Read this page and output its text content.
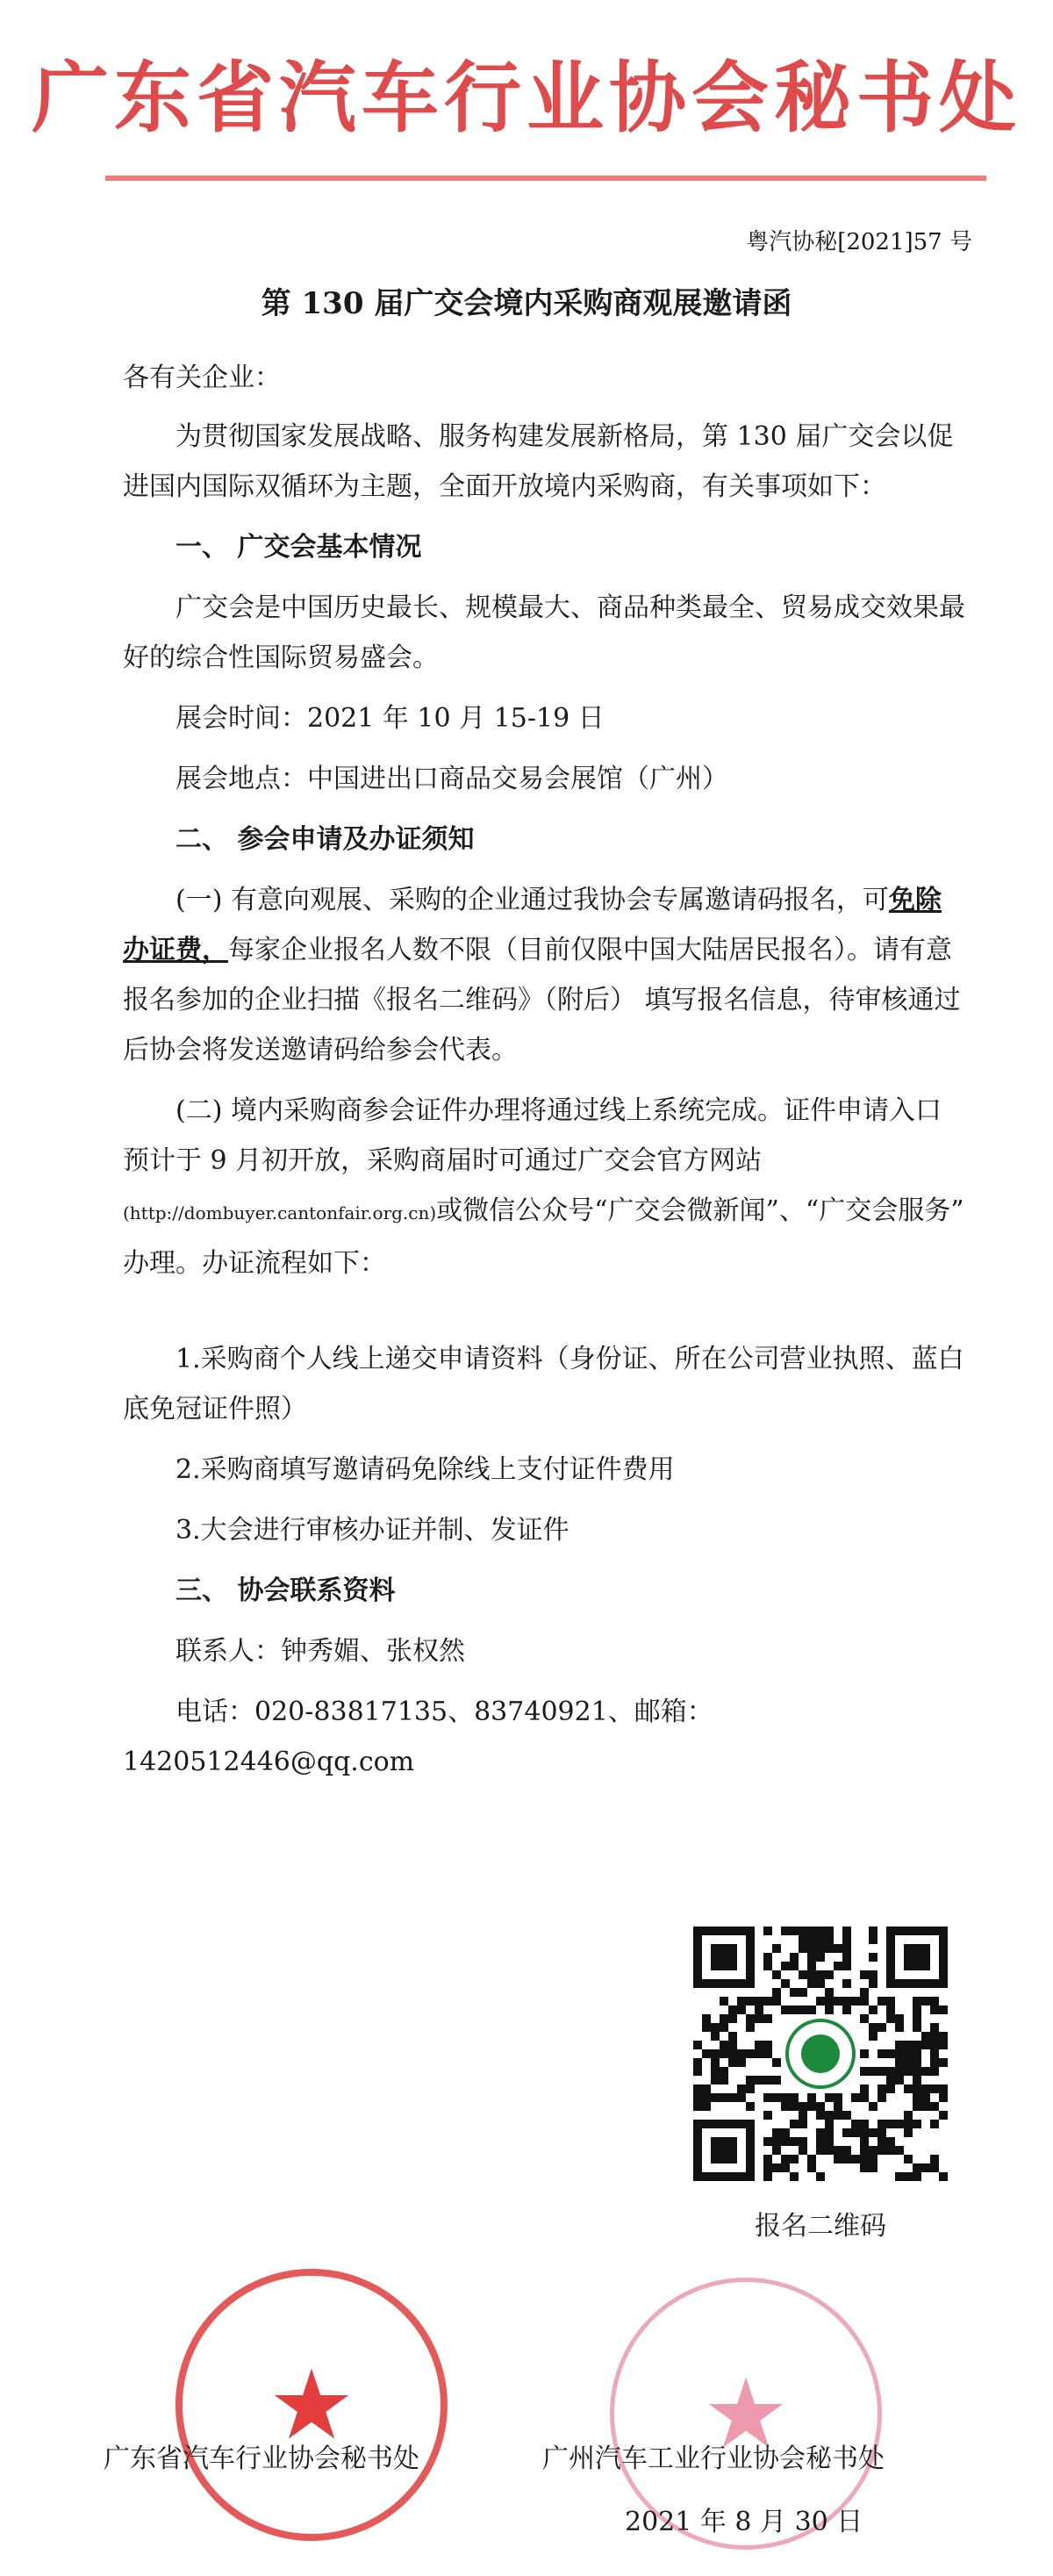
广东省汽车行业协会秘书处
粤汽协秘[2021]57 号
第 130 届广交会境内采购商观展邀请函

各有关企业：

为贯彻国家发展战略、服务构建发展新格局，第 130 届广交会以促进国内国际双循环为主题，全面开放境内采购商，有关事项如下：

一、 广交会基本情况

广交会是中国历史最长、规模最大、商品种类最全、贸易成交效果最好的综合性国际贸易盛会。

展会时间：2021 年 10 月 15-19 日

展会地点：中国进出口商品交易会展馆（广州）

二、 参会申请及办证须知

(一) 有意向观展、采购的企业通过我协会专属邀请码报名，可免除办证费，每家企业报名人数不限（目前仅限中国大陆居民报名）。请有意报名参加的企业扫描《报名二维码》（附后） 填写报名信息，待审核通过后协会将发送邀请码给参会代表。

(二) 境内采购商参会证件办理将通过线上系统完成。证件申请入口预计于 9 月初开放，采购商届时可通过广交会官方网站(http://dombuyer.cantonfair.org.cn)或微信公众号“广交会微新闻”、“广交会服务” 办理。办证流程如下：

1.采购商个人线上递交申请资料（身份证、所在公司营业执照、蓝白底免冠证件照）

2.采购商填写邀请码免除线上支付证件费用

3.大会进行审核办证并制、发证件

三、 协会联系资料

联系人：钟秀媚、张权然

电话：020-83817135、83740921、邮箱：1420512446@qq.com

报名二维码
★	★
广东省汽车行业协会秘书处	广州汽车工业行业协会秘书处
2021 年 8 月 30 日
